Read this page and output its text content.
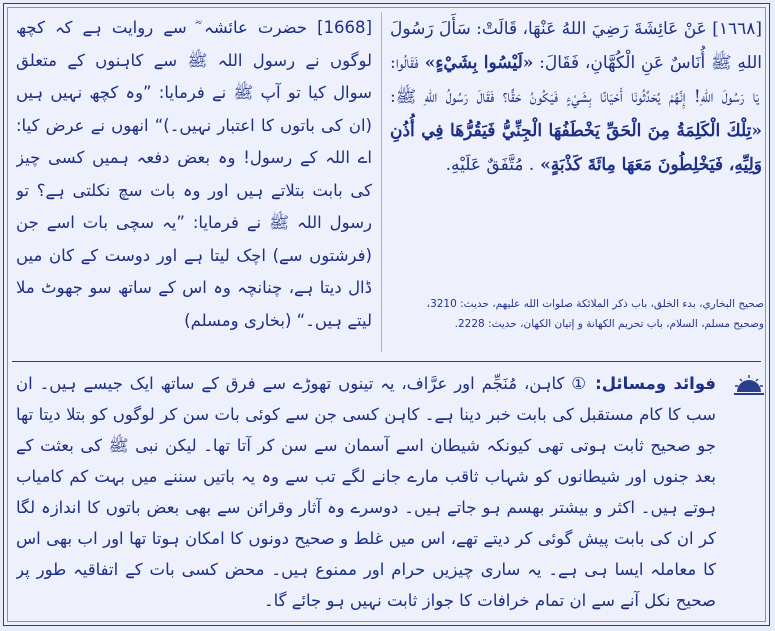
[١٦٦٨] عَنْ عَائِشَةَ رَضِيَ اللهُ عَنْهَا، قَالَتْ: سَأَلَ رَسُولَ اللهِ ﷺ أُنَاسٌ عَنِ الْكُهَّانِ، فَقَالَ: «لَيْسُوا بِشَيْءٍ» فَقَالُوا: يَا رَسُولَ اللهِ! إِنَّهُمْ يُحَدِّثُونَا أَحْيَانًا بِشَيْءٍ فَيَكُونُ حَقًّا؟ فَقَالَ رَسُولُ اللهِ ﷺ: «تِلْكَ الْكَلِمَةُ مِنَ الْحَقِّ يَخْطَفُهَا الْجِنِّيُّ فَيَقُرُّهَا فِي أُذُنِ وَلِيِّهِ، فَيَخْلِطُونَ مَعَهَا مِائَةَ كَذْبَةٍ» . مُتَّفَقٌ عَلَيْهِ.
صحيح البخاري، بدء الخلق، باب ذكر الملائكة صلوات الله عليهم، حديث: 3210،
وصحيح مسلم، السلام، باب تحريم الكهانة و إتيان الكهان، حديث: 2228.
[1668] حضرت عائشہ ؓ سے روایت ہے کہ کچھ لوگوں نے رسول اللہ ﷺ سے کاہنوں کے متعلق سوال کیا تو آپ ﷺ نے فرمایا: ”وہ کچھ نہیں ہیں (ان کی باتوں کا اعتبار نہیں۔)“ انھوں نے عرض کیا: اے اللہ کے رسول! وہ بعض دفعہ ہمیں کسی چیز کی بابت بتلاتے ہیں اور وہ بات سچ نکلتی ہے؟ تو رسول اللہ ﷺ نے فرمایا: ”یہ سچی بات اسے جن (فرشتوں سے) اچک لیتا ہے اور دوست کے کان میں ڈال دیتا ہے، چنانچہ وہ اس کے ساتھ سو جھوٹ ملا لیتے ہیں۔“ (بخاری ومسلم)
فوائد ومسائل: ① کاہن، مُنَجِّم اور عرَّاف، یہ تینوں تھوڑے سے فرق کے ساتھ ایک جیسے ہیں۔ ان سب کا کام مستقبل کی بابت خبر دینا ہے۔ کاہن کسی جن سے کوئی بات سن کر لوگوں کو بتلا دیتا تھا جو صحیح ثابت ہوتی تھی کیونکہ شیطان اسے آسمان سے سن کر آتا تھا۔ لیکن نبی ﷺ کی بعثت کے بعد جنوں اور شیطانوں کو شہاب ثاقب مارے جانے لگے تب سے وہ یہ باتیں سننے میں بہت کم کامیاب ہوتے ہیں۔ اکثر و بیشتر بھسم ہو جاتے ہیں۔ دوسرے وہ آثار وقرائن سے بھی بعض باتوں کا اندازہ لگا کر ان کی بابت پیش گوئی کر دیتے تھے، اس میں غلط و صحیح دونوں کا امکان ہوتا تھا اور اب بھی اس کا معاملہ ایسا ہی ہے۔ یہ ساری چیزیں حرام اور ممنوع ہیں۔ محض کسی بات کے اتفاقیہ طور پر صحیح نکل آنے سے ان تمام خرافات کا جواز ثابت نہیں ہو جائے گا۔
